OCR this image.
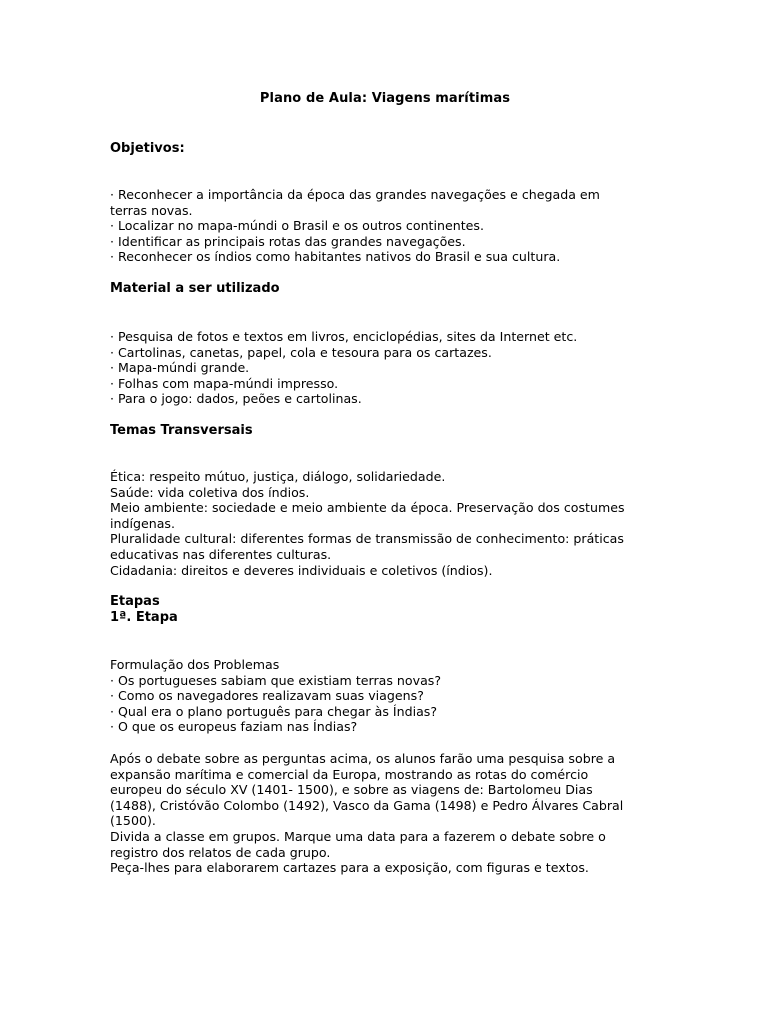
Plano de Aula: Viagens marítimas
Objetivos:
· Reconhecer a importância da época das grandes navegações e chegada em terras novas.
· Localizar no mapa-múndi o Brasil e os outros continentes.
· Identificar as principais rotas das grandes navegações.
· Reconhecer os índios como habitantes nativos do Brasil e sua cultura.
Material a ser utilizado
· Pesquisa de fotos e textos em livros, enciclopédias, sites da Internet etc.
· Cartolinas, canetas, papel, cola e tesoura para os cartazes.
· Mapa-múndi grande.
· Folhas com mapa-múndi impresso.
· Para o jogo: dados, peões e cartolinas.
Temas Transversais
Ética: respeito mútuo, justiça, diálogo, solidariedade.
Saúde: vida coletiva dos índios.
Meio ambiente: sociedade e meio ambiente da época. Preservação dos costumes indígenas.
Pluralidade cultural: diferentes formas de transmissão de conhecimento: práticas educativas nas diferentes culturas.
Cidadania: direitos e deveres individuais e coletivos (índios).
Etapas
1ª. Etapa
Formulação dos Problemas
· Os portugueses sabiam que existiam terras novas?
· Como os navegadores realizavam suas viagens?
· Qual era o plano português para chegar às Índias?
· O que os europeus faziam nas Índias?
Após o debate sobre as perguntas acima, os alunos farão uma pesquisa sobre a expansão marítima e comercial da Europa, mostrando as rotas do comércio europeu do século XV (1401- 1500), e sobre as viagens de: Bartolomeu Dias (1488), Cristóvão Colombo (1492), Vasco da Gama (1498) e Pedro Álvares Cabral (1500).
Divida a classe em grupos. Marque uma data para a fazerem o debate sobre o registro dos relatos de cada grupo.
Peça-lhes para elaborarem cartazes para a exposição, com figuras e textos.
